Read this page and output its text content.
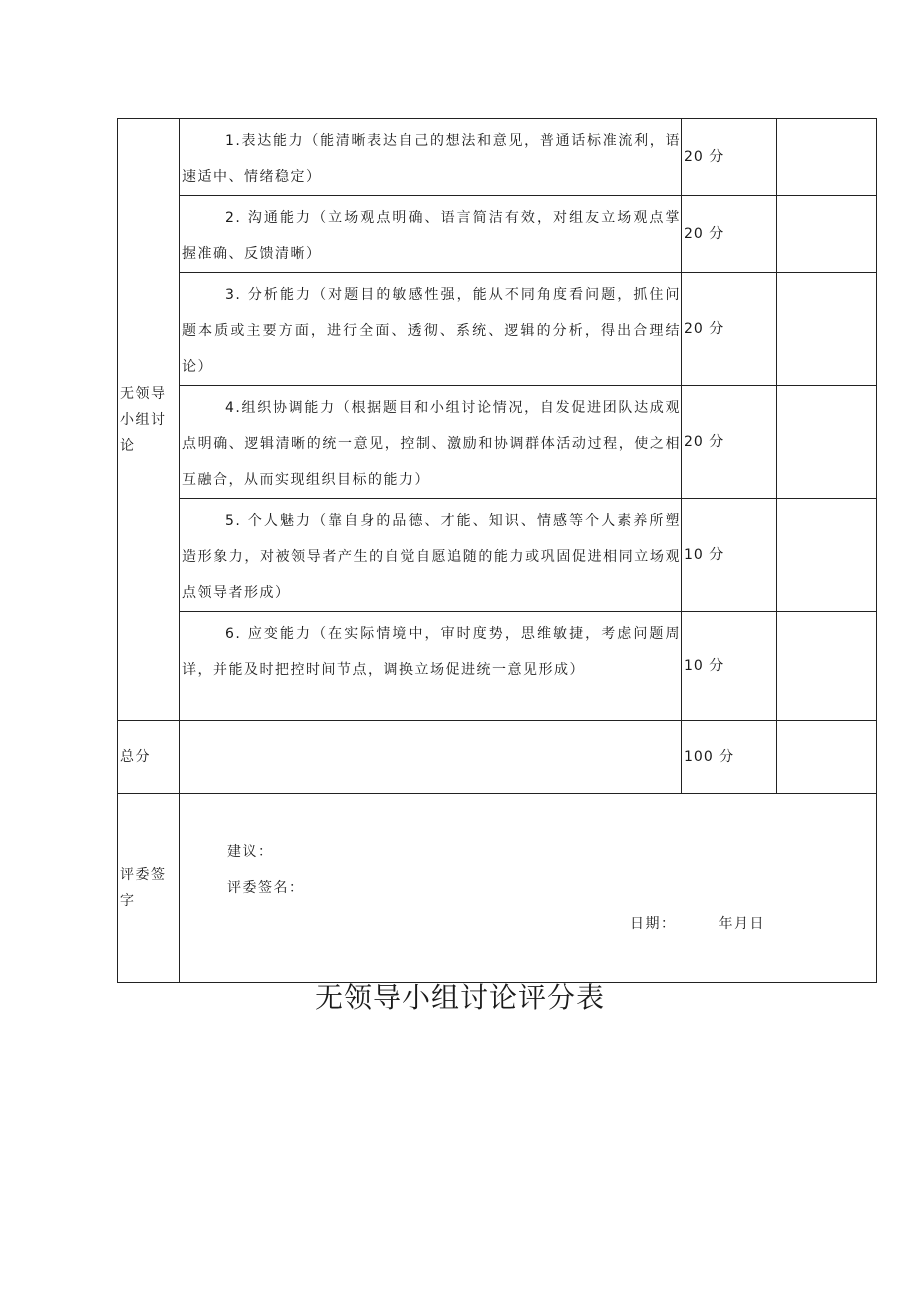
无领导小组讨论	1.表达能力（能清晰表达自己的想法和意见，普通话标准流利，语速适中、情绪稳定）	20 分	

	2. 沟通能力（立场观点明确、语言简洁有效，对组友立场观点掌握准确、反馈清晰）	20 分	

	3. 分析能力（对题目的敏感性强，能从不同角度看问题，抓住问题本质或主要方面，进行全面、透彻、系统、逻辑的分析，得出合理结论）	20 分	

	4.组织协调能力（根据题目和小组讨论情况，自发促进团队达成观点明确、逻辑清晰的统一意见，控制、激励和协调群体活动过程，使之相互融合，从而实现组织目标的能力）	20 分	

	5. 个人魅力（靠自身的品德、才能、知识、情感等个人素养所塑造形象力，对被领导者产生的自觉自愿追随的能力或巩固促进相同立场观点领导者形成）	10 分	

	6. 应变能力（在实际情境中，审时度势，思维敏捷，考虑问题周详，并能及时把控时间节点，调换立场促进统一意见形成）	10 分	
总分		100 分	
评委签字	建议：
评委签名：
日期： 年月日		
无领导小组讨论评分表
